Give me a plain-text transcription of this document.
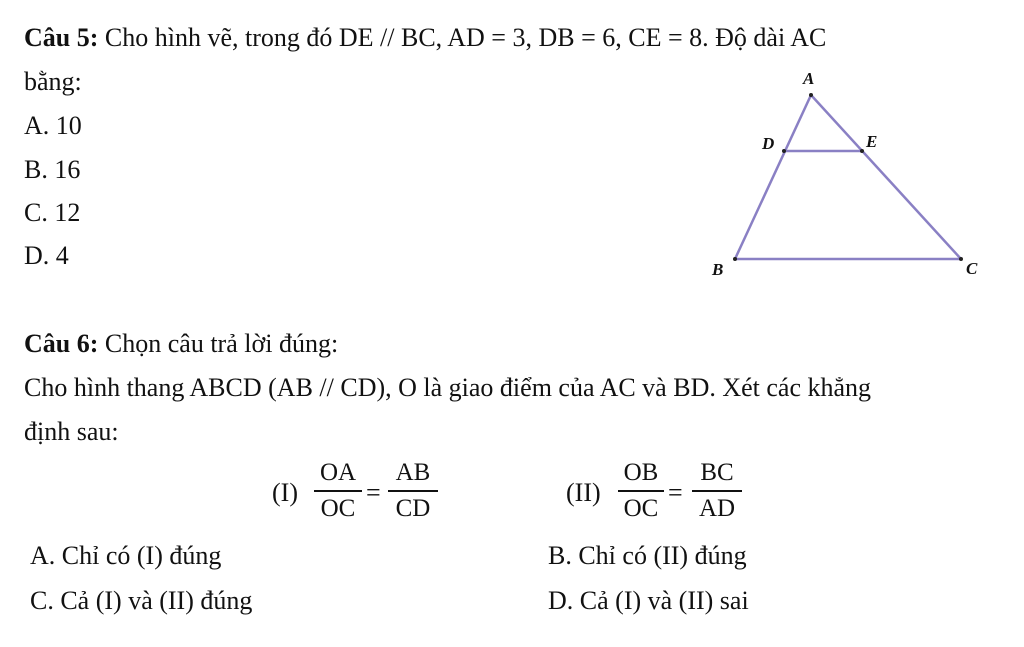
Câu 5: Cho hình vẽ, trong đó DE // BC, AD = 3, DB = 6, CE = 8. Độ dài AC
bằng:
A. 10
B. 16
C. 12
D. 4
A
D	E
B	C
Câu 6: Chọn câu trả lời đúng:
Cho hình thang ABCD (AB // CD), O là giao điểm của AC và BD. Xét các khẳng
định sau:
(I)
OA
OC
=
AB
CD
(II)
OB
OC
=
BC
AD
A. Chỉ có (I) đúng	B. Chỉ có (II) đúng
C. Cả (I) và (II) đúng	D. Cả (I) và (II) sai
